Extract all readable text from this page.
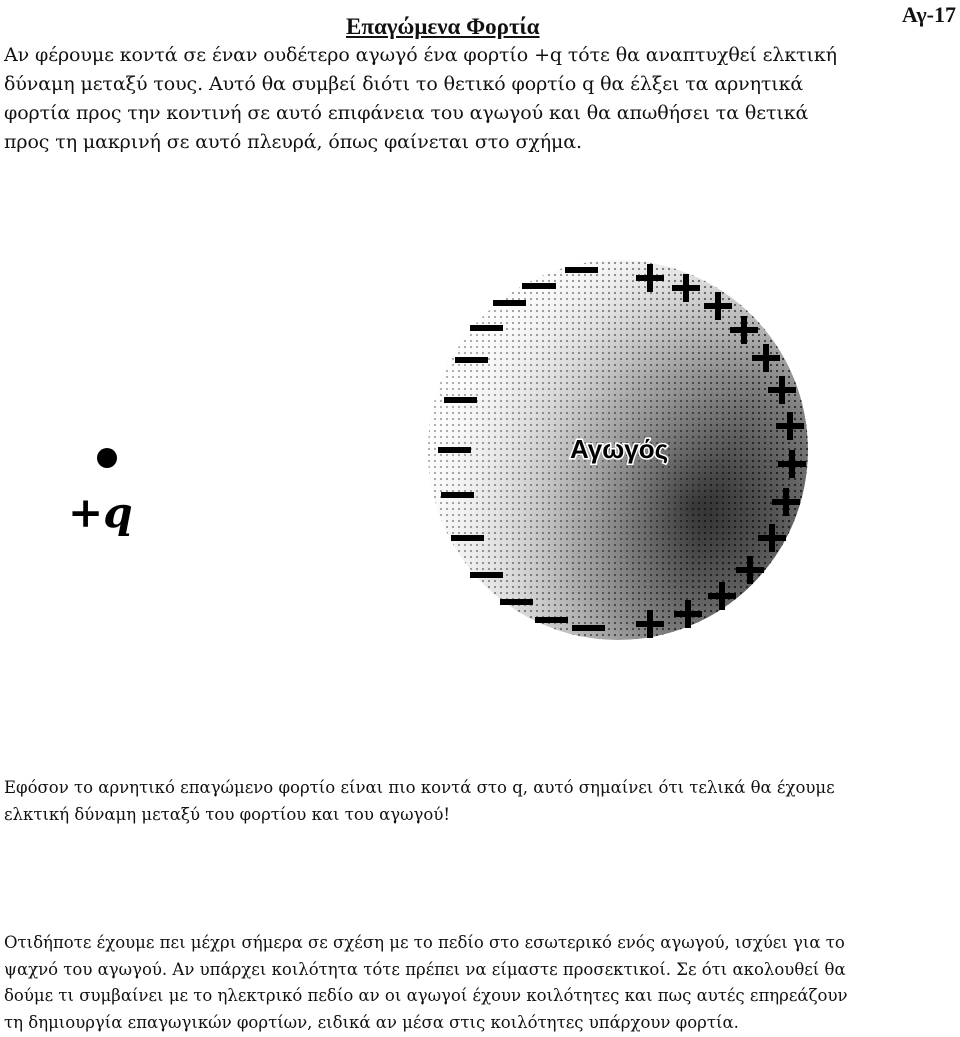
Αγ-17
Επαγώμενα Φορτία

Αν φέρουμε κοντά σε έναν ουδέτερο αγωγό ένα φορτίο +q τότε θα αναπτυχθεί ελκτική
δύναμη μεταξύ τους. Αυτό θα συμβεί διότι το θετικό φορτίο q θα έλξει τα αρνητικά
φορτία προς την κοντινή σε αυτό επιφάνεια του αγωγού και θα απωθήσει τα θετικά
προς τη μακρινή σε αυτό πλευρά, όπως φαίνεται στο σχήμα.

+q
Αγωγός

Εφόσον το αρνητικό επαγώμενο φορτίο είναι πιο κοντά στο q, αυτό σημαίνει ότι τελικά θα έχουμε
ελκτική δύναμη μεταξύ του φορτίου και του αγωγού!

Οτιδήποτε έχουμε πει μέχρι σήμερα σε σχέση με το πεδίο στο εσωτερικό ενός αγωγού, ισχύει για το
ψαχνό του αγωγού. Αν υπάρχει κοιλότητα τότε πρέπει να είμαστε προσεκτικοί. Σε ότι ακολουθεί θα
δούμε τι συμβαίνει με το ηλεκτρικό πεδίο αν οι αγωγοί έχουν κοιλότητες και πως αυτές επηρεάζουν
τη δημιουργία επαγωγικών φορτίων, ειδικά αν μέσα στις κοιλότητες υπάρχουν φορτία.
